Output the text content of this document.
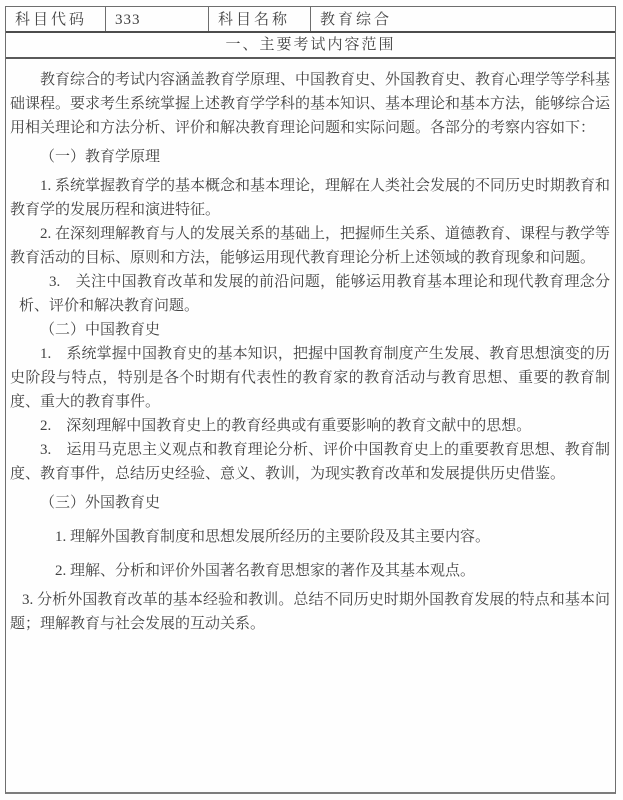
科目代码	333	科目名称	教育综合
一、主要考试内容范围

教育综合的考试内容涵盖教育学原理、中国教育史、外国教育史、教育心理学等学科基础课程。要求考生系统掌握上述教育学学科的基本知识、基本理论和基本方法，能够综合运用相关理论和方法分析、评价和解决教育理论问题和实际问题。各部分的考察内容如下：

（一）教育学原理

1. 系统掌握教育学的基本概念和基本理论，理解在人类社会发展的不同历史时期教育和教育学的发展历程和演进特征。

2. 在深刻理解教育与人的发展关系的基础上，把握师生关系、道德教育、课程与教学等教育活动的目标、原则和方法，能够运用现代教育理论分析上述领域的教育现象和问题。

3.　关注中国教育改革和发展的前沿问题，能够运用教育基本理论和现代教育理念分析、评价和解决教育问题。

（二）中国教育史

1.　系统掌握中国教育史的基本知识，把握中国教育制度产生发展、教育思想演变的历史阶段与特点，特别是各个时期有代表性的教育家的教育活动与教育思想、重要的教育制度、重大的教育事件。

2.　深刻理解中国教育史上的教育经典或有重要影响的教育文献中的思想。

3.　运用马克思主义观点和教育理论分析、评价中国教育史上的重要教育思想、教育制度、教育事件，总结历史经验、意义、教训，为现实教育改革和发展提供历史借鉴。

（三）外国教育史

1. 理解外国教育制度和思想发展所经历的主要阶段及其主要内容。

2. 理解、分析和评价外国著名教育思想家的著作及其基本观点。

3. 分析外国教育改革的基本经验和教训。总结不同历史时期外国教育发展的特点和基本问题；理解教育与社会发展的互动关系。
